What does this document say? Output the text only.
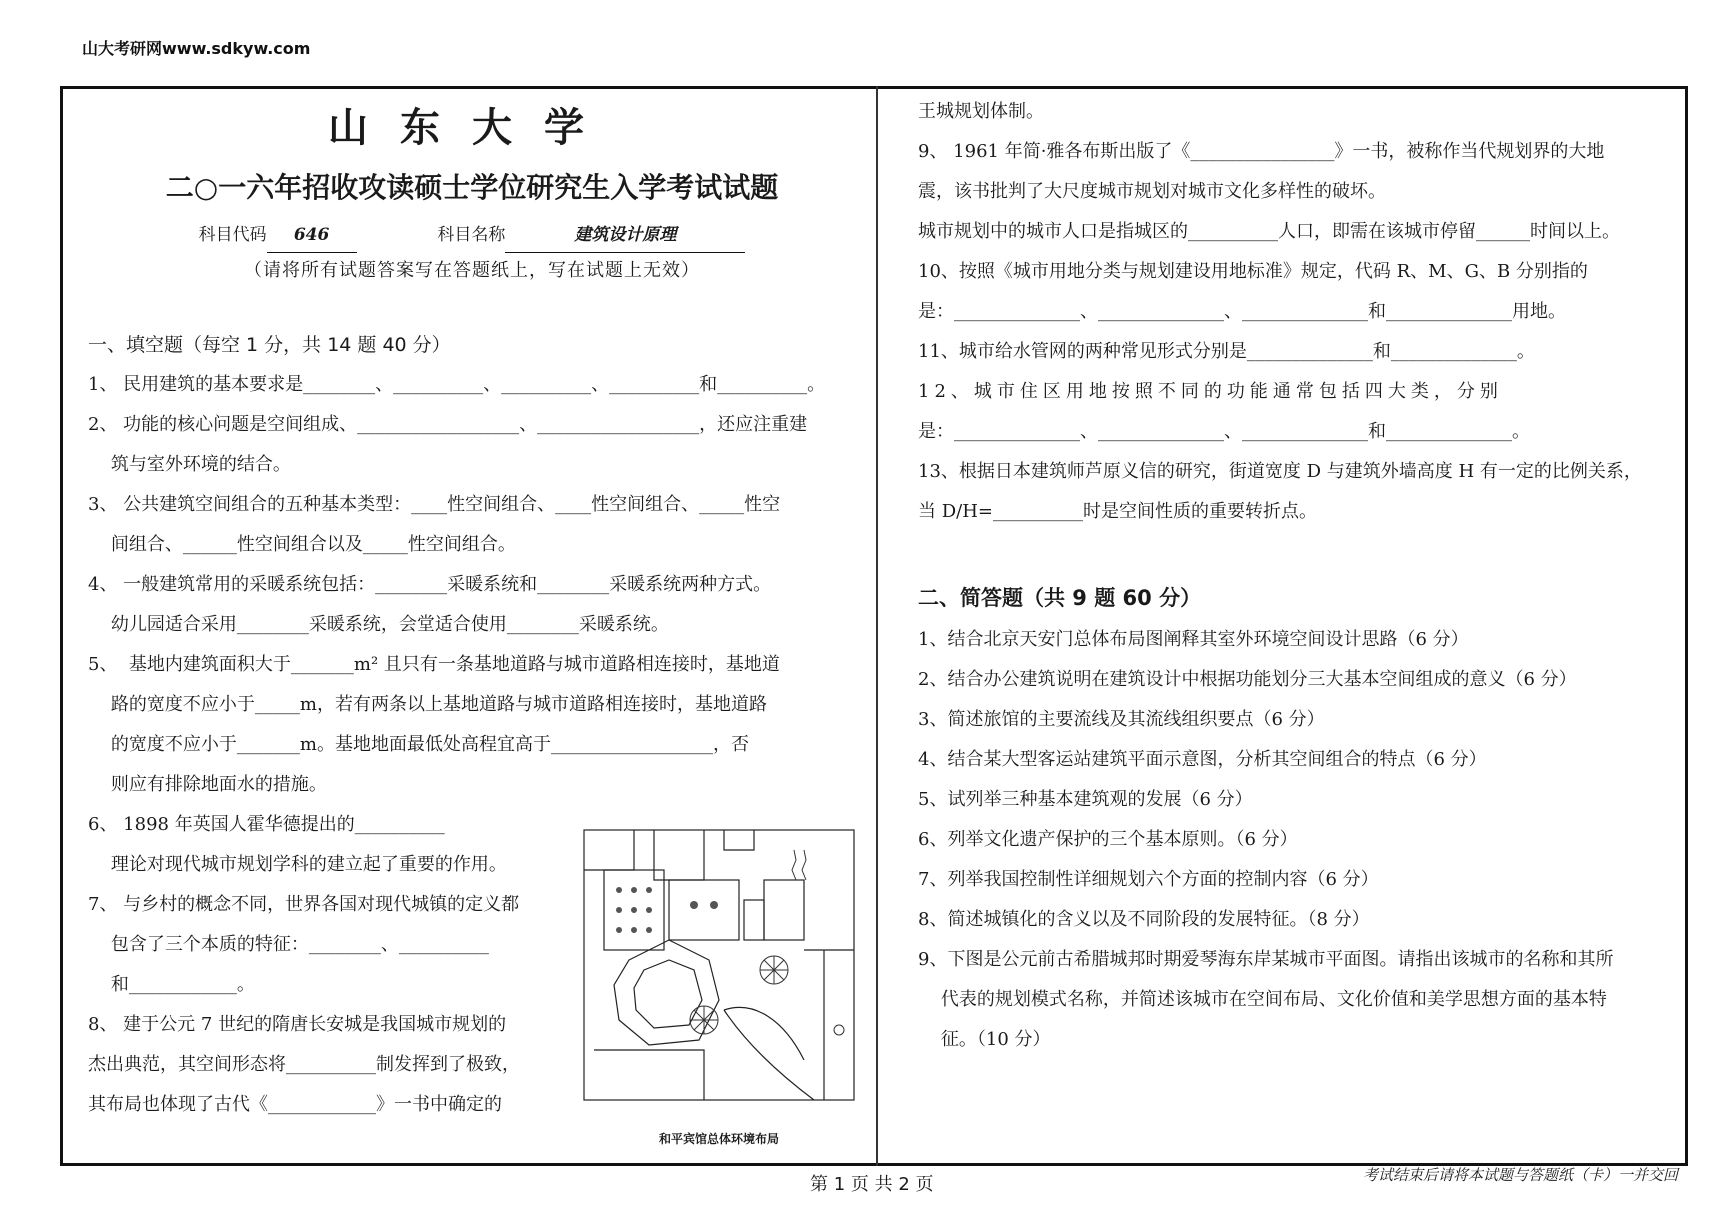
山大考研网www.sdkyw.com
山东大学
二○一六年招收攻读硕士学位研究生入学考试试题
科目代码 646	科目名称	建筑设计原理
（请将所有试题答案写在答题纸上，写在试题上无效）
一、填空题（每空 1 分，共 14 题 40 分）
1、 民用建筑的基本要求是________、__________、__________、__________和__________。
2、 功能的核心问题是空间组成、__________________、__________________，还应注重建
筑与室外环境的结合。
3、 公共建筑空间组合的五种基本类型：____性空间组合、____性空间组合、_____性空
间组合、______性空间组合以及_____性空间组合。
4、 一般建筑常用的采暖系统包括：________采暖系统和________采暖系统两种方式。
幼儿园适合采用________采暖系统，会堂适合使用________采暖系统。
5、  基地内建筑面积大于_______m² 且只有一条基地道路与城市道路相连接时，基地道
路的宽度不应小于_____m，若有两条以上基地道路与城市道路相连接时，基地道路
的宽度不应小于_______m。基地地面最低处高程宜高于__________________，否
则应有排除地面水的措施。
6、 1898 年英国人霍华德提出的__________
理论对现代城市规划学科的建立起了重要的作用。
7、 与乡村的概念不同，世界各国对现代城镇的定义都
包含了三个本质的特征：________、__________
和____________。
8、 建于公元 7 世纪的隋唐长安城是我国城市规划的
杰出典范，其空间形态将__________制发挥到了极致，
其布局也体现了古代《____________》一书中确定的
和平宾馆总体环境布局
王城规划体制。
9、 1961 年简·雅各布斯出版了《________________》一书，被称作当代规划界的大地
震，该书批判了大尺度城市规划对城市文化多样性的破坏。
城市规划中的城市人口是指城区的__________人口，即需在该城市停留______时间以上。
10、按照《城市用地分类与规划建设用地标准》规定，代码 R、M、G、B 分别指的
是：______________、______________、______________和______________用地。
11、城市给水管网的两种常见形式分别是______________和______________。
12、城市住区用地按照不同的功能通常包括四大类，分别
是：______________、______________、______________和______________。
13、根据日本建筑师芦原义信的研究，街道宽度 D 与建筑外墙高度 H 有一定的比例关系，
当 D/H=__________时是空间性质的重要转折点。
二、简答题（共 9 题 60 分）
1、结合北京天安门总体布局图阐释其室外环境空间设计思路（6 分）
2、结合办公建筑说明在建筑设计中根据功能划分三大基本空间组成的意义（6 分）
3、简述旅馆的主要流线及其流线组织要点（6 分）
4、结合某大型客运站建筑平面示意图，分析其空间组合的特点（6 分）
5、试列举三种基本建筑观的发展（6 分）
6、列举文化遗产保护的三个基本原则。（6 分）
7、列举我国控制性详细规划六个方面的控制内容（6 分）
8、简述城镇化的含义以及不同阶段的发展特征。（8 分）
9、下图是公元前古希腊城邦时期爱琴海东岸某城市平面图。请指出该城市的名称和其所
代表的规划模式名称，并简述该城市在空间布局、文化价值和美学思想方面的基本特
征。（10 分）
第 1 页 共 2 页	考试结束后请将本试题与答题纸（卡）一并交回
